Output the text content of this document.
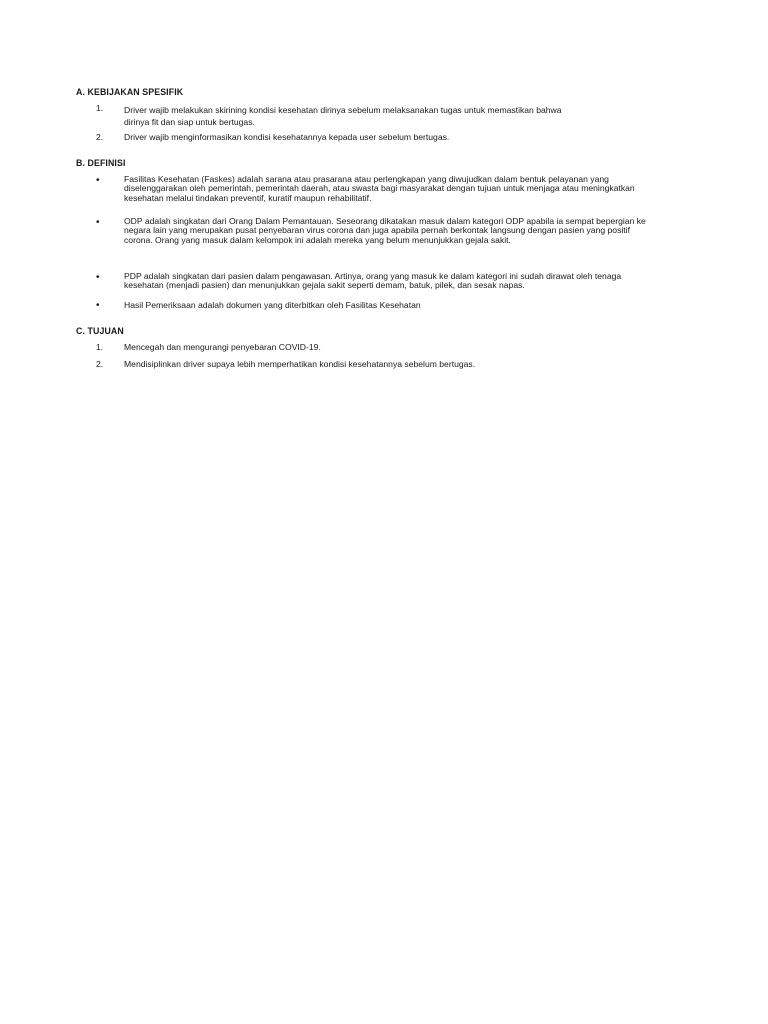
A. KEBIJAKAN SPESIFIK
1. Driver wajib melakukan skirining kondisi kesehatan dirinya sebelum melaksanakan tugas untuk memastikan bahwa
dirinya fit dan siap untuk bertugas.
2. Driver wajib menginformasikan kondisi kesehatannya kepada user sebelum bertugas.
B. DEFINISI
•	Fasilitas Kesehatan (Faskes) adalah sarana atau prasarana atau perlengkapan yang diwujudkan dalam bentuk pelayanan yang
diselenggarakan oleh pemerintah, pemerintah daerah, atau swasta bagi masyarakat dengan tujuan untuk menjaga atau meningkatkan
kesehatan melalui tindakan preventif, kuratif maupun rehabilitatif.
•	ODP adalah singkatan dari Orang Dalam Pemantauan. Seseorang dikatakan masuk dalam kategori ODP apabila ia sempat bepergian ke
negara lain yang merupakan pusat penyebaran virus corona dan juga apabila pernah berkontak langsung dengan pasien yang positif
corona. Orang yang masuk dalam kelompok ini adalah mereka yang belum menunjukkan gejala sakit.
•	PDP adalah singkatan dari pasien dalam pengawasan. Artinya, orang yang masuk ke dalam kategori ini sudah dirawat oleh tenaga
kesehatan (menjadi pasien) dan menunjukkan gejala sakit seperti demam, batuk, pilek, dan sesak napas.
•	Hasil Pemeriksaan adalah dokumen yang diterbitkan oleh Fasilitas Kesehatan
C. TUJUAN
1. Mencegah dan mengurangi penyebaran COVID-19.
2. Mendisiplinkan driver supaya lebih memperhatikan kondisi kesehatannya sebelum bertugas.
